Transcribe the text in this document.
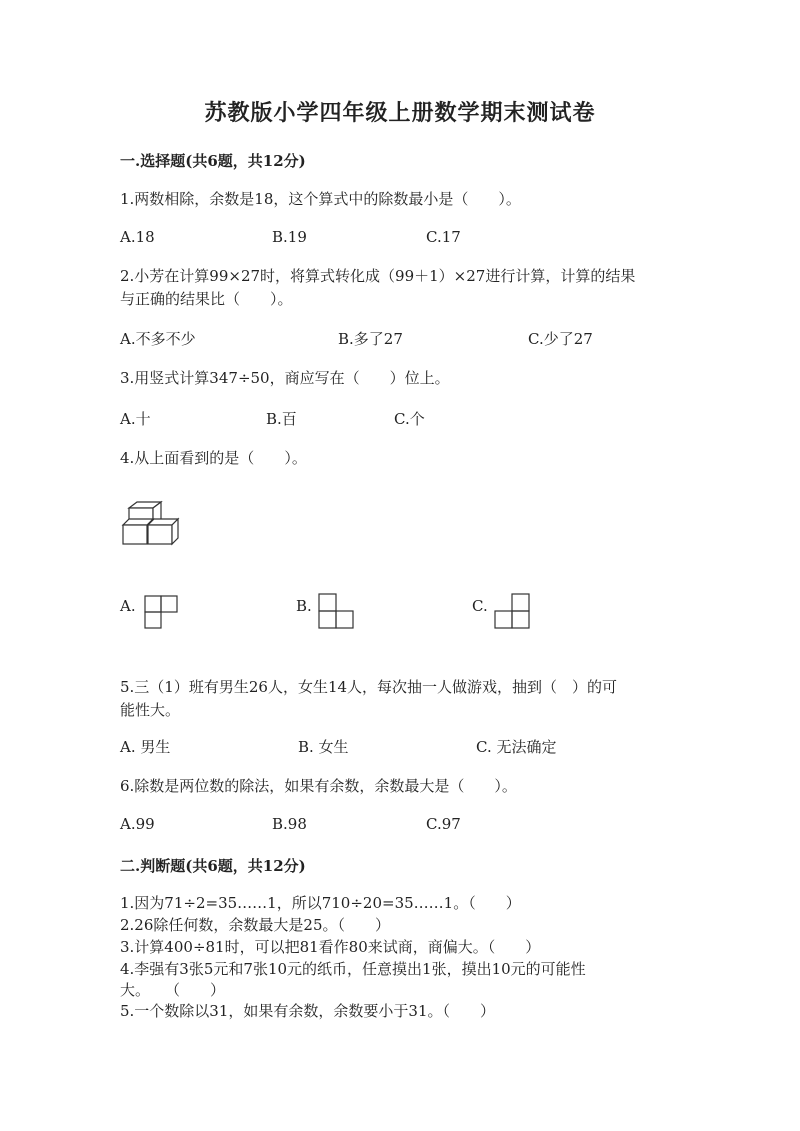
苏教版小学四年级上册数学期末测试卷
一.选择题(共6题，共12分)
1.两数相除，余数是18，这个算式中的除数最小是（　　）。
A.18	B.19	C.17
2.小芳在计算99×27时，将算式转化成（99＋1）×27进行计算，计算的结果
与正确的结果比（　　）。
A.不多不少	B.多了27	C.少了27
3.用竖式计算347÷50，商应写在（　　）位上。
A.十	B.百	C.个
4.从上面看到的是（　　）。
A.	B.	C.
5.三（1）班有男生26人，女生14人，每次抽一人做游戏，抽到（　）的可
能性大。
A. 男生	B. 女生	C. 无法确定
6.除数是两位数的除法，如果有余数，余数最大是（　　）。
A.99	B.98	C.97
二.判断题(共6题，共12分)
1.因为71÷2=35……1，所以710÷20=35……1。（　　）
2.26除任何数，余数最大是25。（　　）
3.计算400÷81时，可以把81看作80来试商，商偏大。（　　）
4.李强有3张5元和7张10元的纸币，任意摸出1张，摸出10元的可能性
大。　　（　　）
5.一个数除以31，如果有余数，余数要小于31。（　　）
